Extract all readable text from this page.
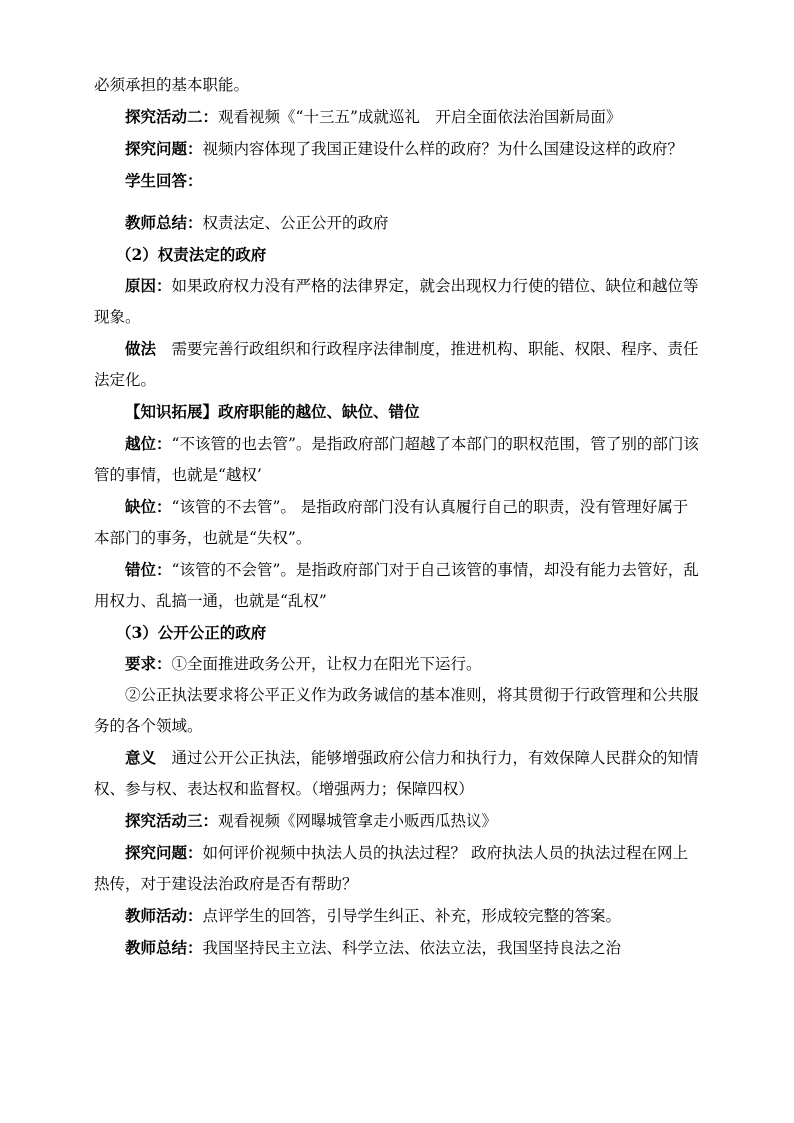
必须承担的基本职能。

探究活动二：观看视频《“十三五”成就巡礼　开启全面依法治国新局面》

探究问题：视频内容体现了我国正建设什么样的政府？为什么国建设这样的政府？

学生回答：

教师总结：权责法定、公正公开的政府

（2）权责法定的政府

原因：如果政府权力没有严格的法律界定，就会出现权力行使的错位、缺位和越位等现象。

做法　需要完善行政组织和行政程序法律制度，推进机构、职能、权限、程序、责任法定化。

【知识拓展】政府职能的越位、缺位、错位

越位：“不该管的也去管”。是指政府部门超越了本部门的职权范围，管了别的部门该管的事情，也就是“越权’

缺位：“该管的不去管”。 是指政府部门没有认真履行自己的职责，没有管理好属于本部门的事务，也就是“失权”。

错位：“该管的不会管”。是指政府部门对于自己该管的事情，却没有能力去管好，乱用权力、乱搞一通，也就是“乱权”

（3）公开公正的政府

要求：①全面推进政务公开，让权力在阳光下运行。

②公正执法要求将公平正义作为政务诚信的基本准则，将其贯彻于行政管理和公共服务的各个领域。

意义　通过公开公正执法，能够增强政府公信力和执行力，有效保障人民群众的知情权、参与权、表达权和监督权。（增强两力；保障四权）

探究活动三：观看视频《网曝城管拿走小贩西瓜热议》

探究问题：如何评价视频中执法人员的执法过程？ 政府执法人员的执法过程在网上热传，对于建设法治政府是否有帮助？

教师活动：点评学生的回答，引导学生纠正、补充，形成较完整的答案。

教师总结：我国坚持民主立法、科学立法、依法立法，我国坚持良法之治
